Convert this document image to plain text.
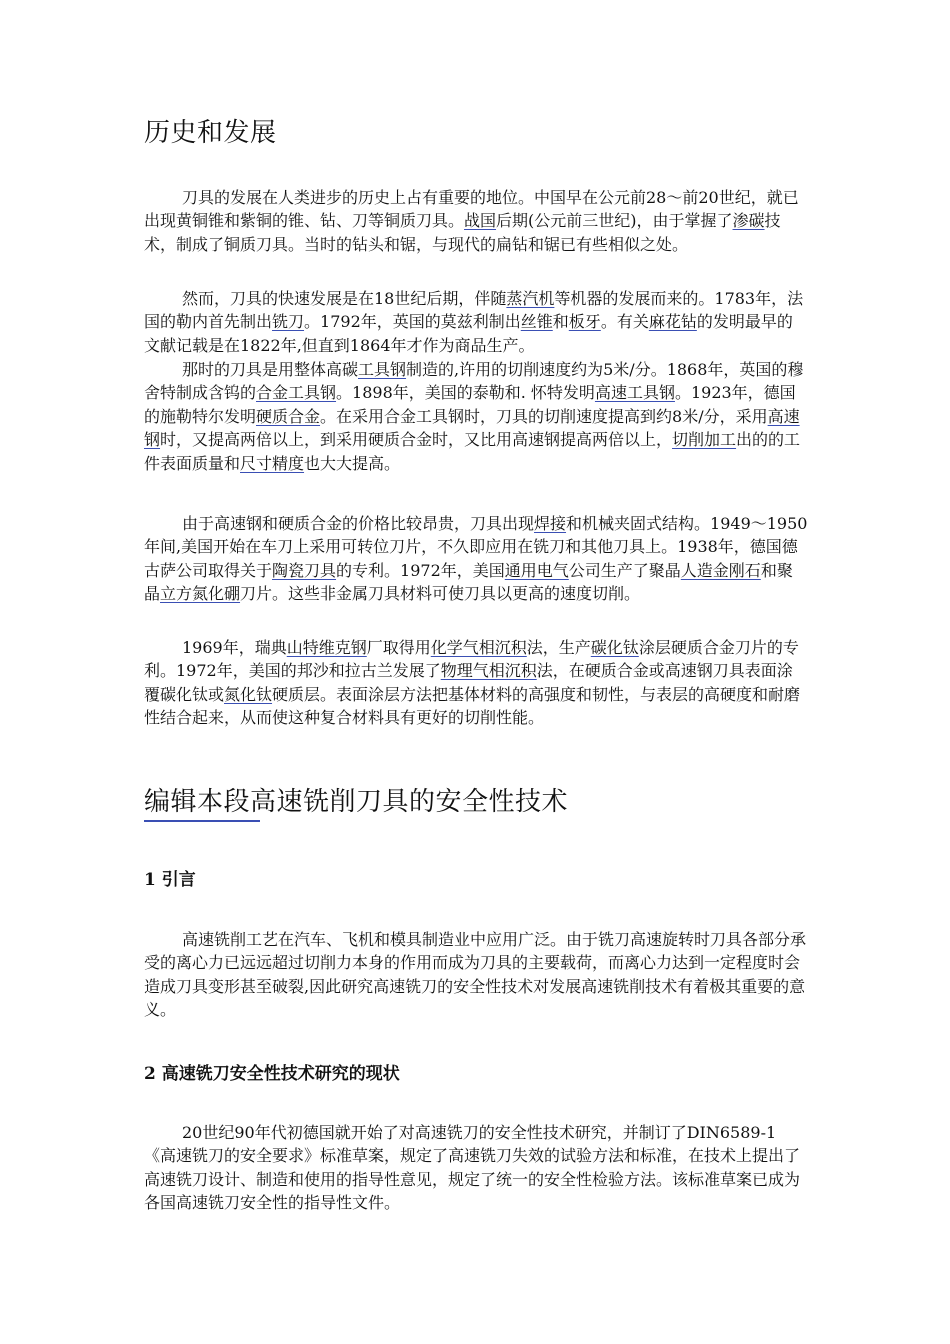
历史和发展

刀具的发展在人类进步的历史上占有重要的地位。中国早在公元前28～前20世纪，就已出现黄铜锥和紫铜的锥、钻、刀等铜质刀具。战国后期(公元前三世纪)，由于掌握了渗碳技术，制成了铜质刀具。当时的钻头和锯，与现代的扁钻和锯已有些相似之处。

然而，刀具的快速发展是在18世纪后期，伴随蒸汽机等机器的发展而来的。1783年，法国的勒内首先制出铣刀。1792年，英国的莫兹利制出丝锥和板牙。有关麻花钻的发明最早的文献记载是在1822年,但直到1864年才作为商品生产。

那时的刀具是用整体高碳工具钢制造的,许用的切削速度约为5米/分。1868年，英国的穆舍特制成含钨的合金工具钢。1898年，美国的泰勒和. 怀特发明高速工具钢。1923年，德国的施勒特尔发明硬质合金。在采用合金工具钢时，刀具的切削速度提高到约8米/分，采用高速钢时，又提高两倍以上，到采用硬质合金时，又比用高速钢提高两倍以上，切削加工出的的工件表面质量和尺寸精度也大大提高。

由于高速钢和硬质合金的价格比较昂贵，刀具出现焊接和机械夹固式结构。1949～1950年间,美国开始在车刀上采用可转位刀片，不久即应用在铣刀和其他刀具上。1938年，德国德古萨公司取得关于陶瓷刀具的专利。1972年，美国通用电气公司生产了聚晶人造金刚石和聚晶立方氮化硼刀片。这些非金属刀具材料可使刀具以更高的速度切削。

1969年，瑞典山特维克钢厂取得用化学气相沉积法，生产碳化钛涂层硬质合金刀片的专利。1972年，美国的邦沙和拉古兰发展了物理气相沉积法，在硬质合金或高速钢刀具表面涂覆碳化钛或氮化钛硬质层。表面涂层方法把基体材料的高强度和韧性，与表层的高硬度和耐磨性结合起来，从而使这种复合材料具有更好的切削性能。

编辑本段高速铣削刀具的安全性技术
1 引言

高速铣削工艺在汽车、飞机和模具制造业中应用广泛。由于铣刀高速旋转时刀具各部分承受的离心力已远远超过切削力本身的作用而成为刀具的主要载荷，而离心力达到一定程度时会造成刀具变形甚至破裂,因此研究高速铣刀的安全性技术对发展高速铣削技术有着极其重要的意义。

2 高速铣刀安全性技术研究的现状

20世纪90年代初德国就开始了对高速铣刀的安全性技术研究，并制订了DIN6589-1《高速铣刀的安全要求》标准草案，规定了高速铣刀失效的试验方法和标准，在技术上提出了高速铣刀设计、制造和使用的指导性意见，规定了统一的安全性检验方法。该标准草案已成为各国高速铣刀安全性的指导性文件。
